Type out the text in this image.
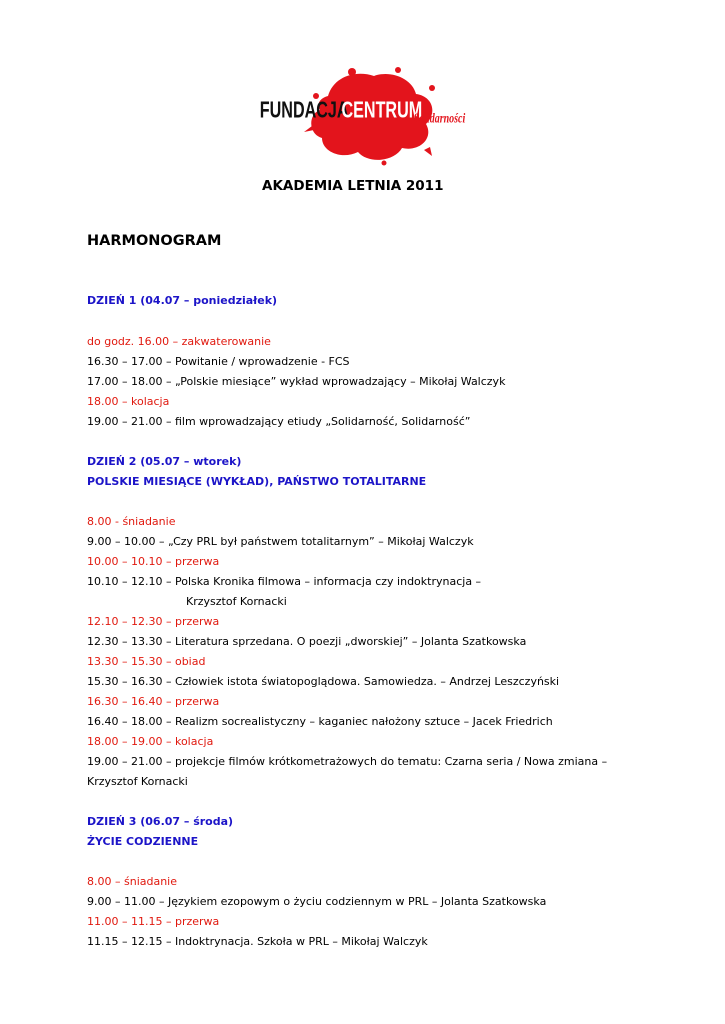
FUNDACJA
CENTRUM
Solidarności
AKADEMIA LETNIA 2011
HARMONOGRAM
DZIEŃ 1 (04.07 – poniedziałek)
do godz. 16.00 – zakwaterowanie
16.30 – 17.00 – Powitanie / wprowadzenie - FCS
17.00 – 18.00 – „Polskie miesiące” wykład wprowadzający – Mikołaj Walczyk
18.00 – kolacja
19.00 – 21.00 – film wprowadzający etiudy „Solidarność, Solidarność”
DZIEŃ 2 (05.07 – wtorek)
POLSKIE MIESIĄCE (WYKŁAD), PAŃSTWO TOTALITARNE
8.00 - śniadanie
9.00 – 10.00 – „Czy PRL był państwem totalitarnym” – Mikołaj Walczyk
10.00 – 10.10 – przerwa
10.10 – 12.10 – Polska Kronika filmowa – informacja czy indoktrynacja –
Krzysztof Kornacki
12.10 – 12.30 – przerwa
12.30 – 13.30 – Literatura sprzedana. O poezji „dworskiej” – Jolanta Szatkowska
13.30 – 15.30 – obiad
15.30 – 16.30 – Człowiek istota światopoglądowa. Samowiedza. – Andrzej Leszczyński
16.30 – 16.40 – przerwa
16.40 – 18.00 – Realizm socrealistyczny – kaganiec nałożony sztuce – Jacek Friedrich
18.00 – 19.00 – kolacja
19.00 – 21.00 – projekcje filmów krótkometrażowych do tematu: Czarna seria / Nowa zmiana –
Krzysztof Kornacki
DZIEŃ 3 (06.07 – środa)
ŻYCIE CODZIENNE
8.00 – śniadanie
9.00 – 11.00 – Językiem ezopowym o życiu codziennym w PRL – Jolanta Szatkowska
11.00 – 11.15 – przerwa
11.15 – 12.15 – Indoktrynacja. Szkoła w PRL – Mikołaj Walczyk
